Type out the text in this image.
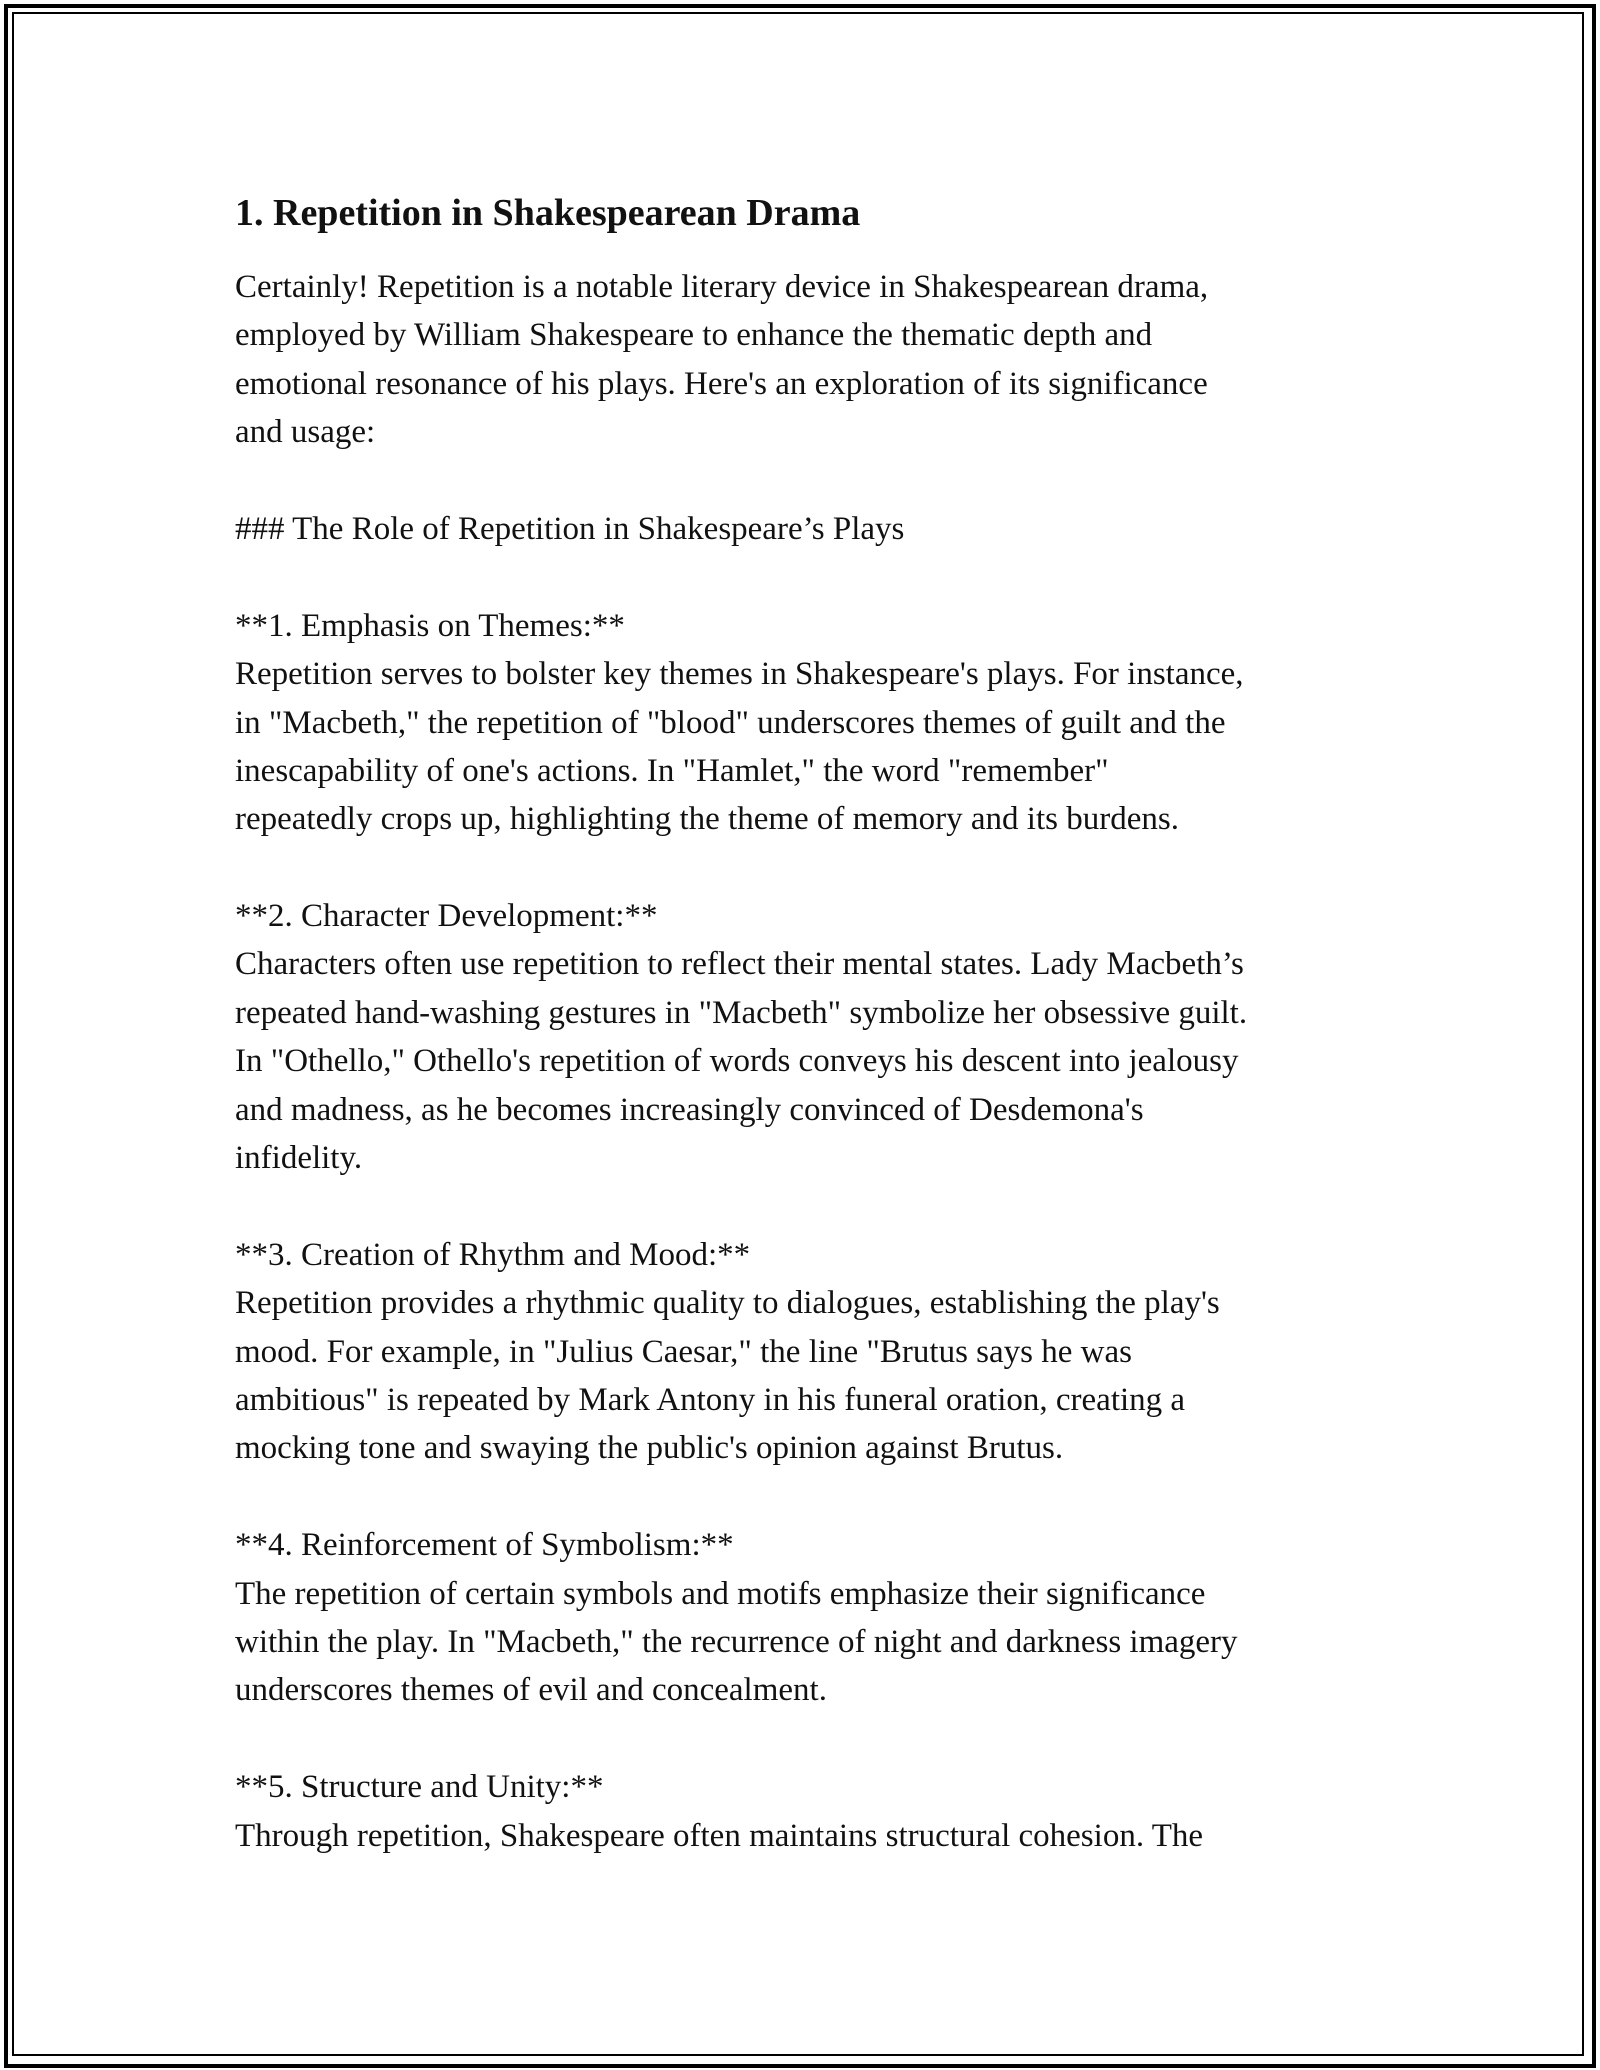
1. Repetition in Shakespearean Drama

Certainly! Repetition is a notable literary device in Shakespearean drama,
employed by William Shakespeare to enhance the thematic depth and
emotional resonance of his plays. Here's an exploration of its significance
and usage:

### The Role of Repetition in Shakespeare’s Plays

**1. Emphasis on Themes:**
Repetition serves to bolster key themes in Shakespeare's plays. For instance,
in "Macbeth," the repetition of "blood" underscores themes of guilt and the
inescapability of one's actions. In "Hamlet," the word "remember"
repeatedly crops up, highlighting the theme of memory and its burdens.

**2. Character Development:**
Characters often use repetition to reflect their mental states. Lady Macbeth’s
repeated hand-washing gestures in "Macbeth" symbolize her obsessive guilt.
In "Othello," Othello's repetition of words conveys his descent into jealousy
and madness, as he becomes increasingly convinced of Desdemona's
infidelity.

**3. Creation of Rhythm and Mood:**
Repetition provides a rhythmic quality to dialogues, establishing the play's
mood. For example, in "Julius Caesar," the line "Brutus says he was
ambitious" is repeated by Mark Antony in his funeral oration, creating a
mocking tone and swaying the public's opinion against Brutus.

**4. Reinforcement of Symbolism:**
The repetition of certain symbols and motifs emphasize their significance
within the play. In "Macbeth," the recurrence of night and darkness imagery
underscores themes of evil and concealment.

**5. Structure and Unity:**
Through repetition, Shakespeare often maintains structural cohesion. The
